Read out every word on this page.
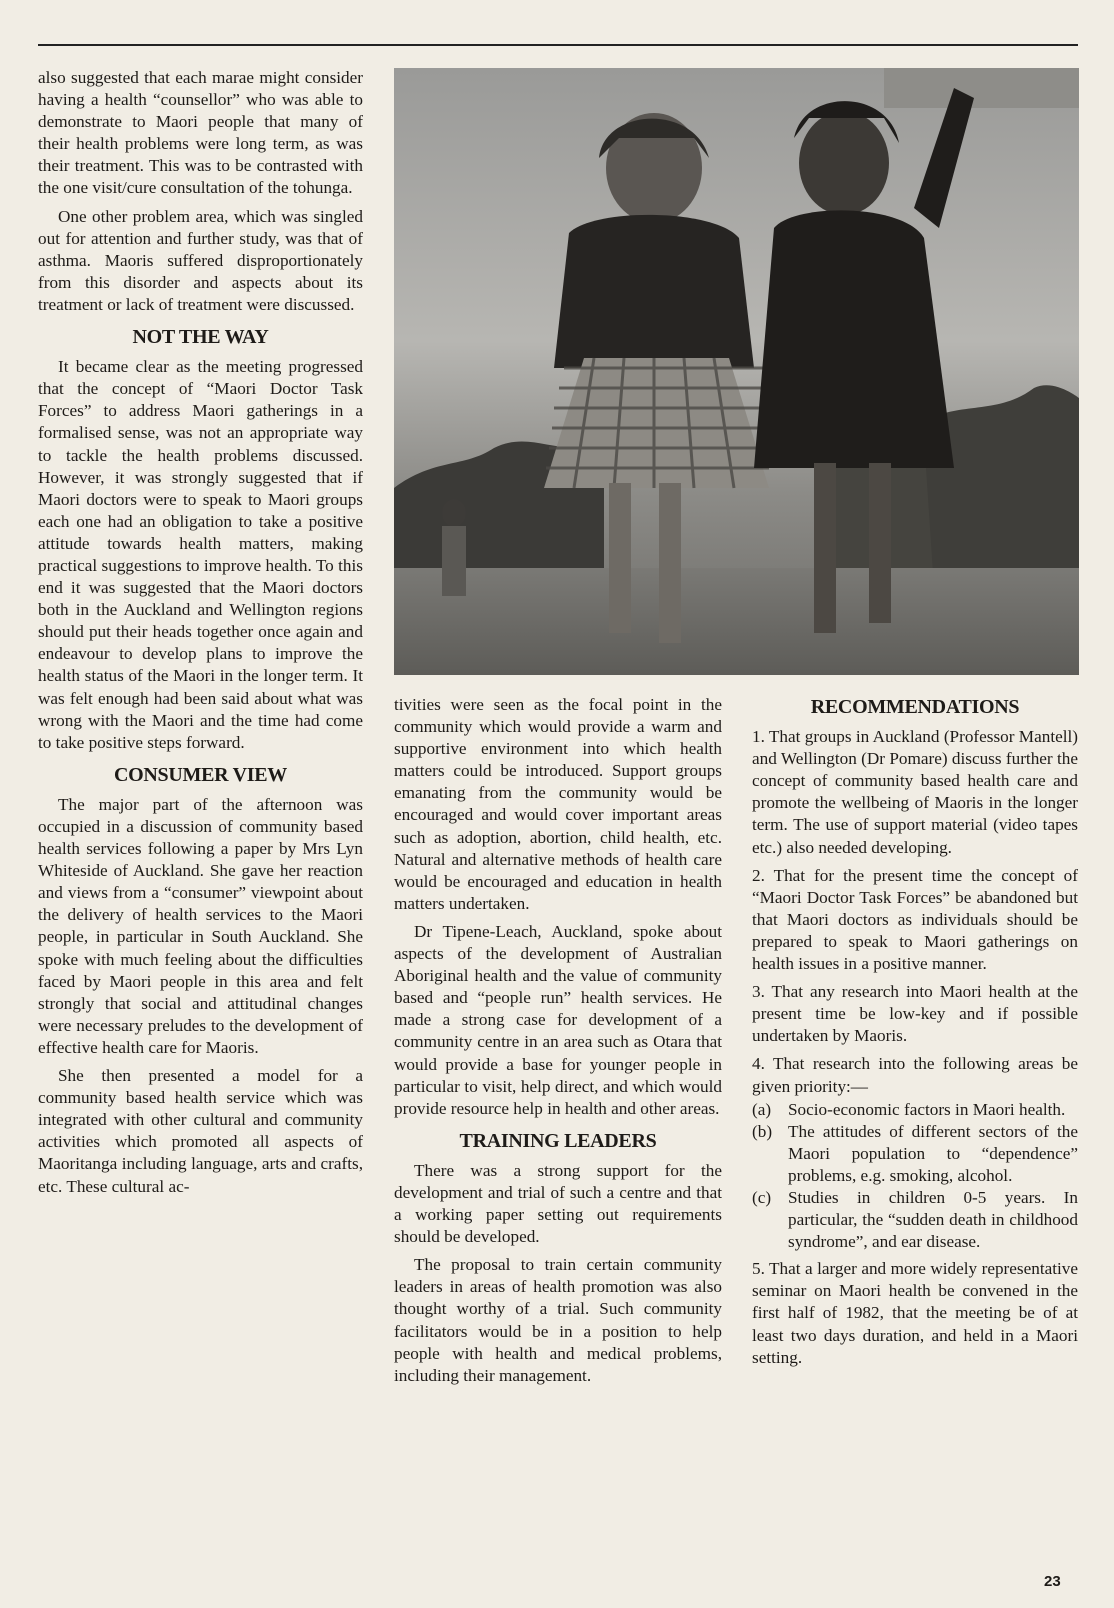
also suggested that each marae might consider having a health “counsellor” who was able to demonstrate to Maori people that many of their health problems were long term, as was their treatment. This was to be contrasted with the one visit/cure consultation of the tohunga.

One other problem area, which was singled out for attention and further study, was that of asthma. Maoris suffered disproportionately from this disorder and aspects about its treatment or lack of treatment were discussed.

NOT THE WAY

It became clear as the meeting progressed that the concept of “Maori Doctor Task Forces” to address Maori gatherings in a formalised sense, was not an appropriate way to tackle the health problems discussed. However, it was strongly suggested that if Maori doctors were to speak to Maori groups each one had an obligation to take a positive attitude towards health matters, making practical suggestions to improve health. To this end it was suggested that the Maori doctors both in the Auckland and Wellington regions should put their heads together once again and endeavour to develop plans to improve the health status of the Maori in the longer term. It was felt enough had been said about what was wrong with the Maori and the time had come to take positive steps forward.

CONSUMER VIEW

The major part of the afternoon was occupied in a discussion of community based health services following a paper by Mrs Lyn Whiteside of Auckland. She gave her reaction and views from a “consumer” viewpoint about the delivery of health services to the Maori people, in particular in South Auckland. She spoke with much feeling about the difficulties faced by Maori people in this area and felt strongly that social and attitudinal changes were necessary preludes to the development of effective health care for Maoris.

She then presented a model for a community based health service which was integrated with other cultural and community activities which promoted all aspects of Maoritanga including language, arts and crafts, etc. These cultural ac-

tivities were seen as the focal point in the community which would provide a warm and supportive environment into which health matters could be introduced. Support groups emanating from the community would be encouraged and would cover important areas such as adoption, abortion, child health, etc. Natural and alternative methods of health care would be encouraged and education in health matters undertaken.

Dr Tipene-Leach, Auckland, spoke about aspects of the development of Australian Aboriginal health and the value of community based and “people run” health services. He made a strong case for development of a community centre in an area such as Otara that would provide a base for younger people in particular to visit, help direct, and which would provide resource help in health and other areas.

TRAINING LEADERS

There was a strong support for the development and trial of such a centre and that a working paper setting out requirements should be developed.

The proposal to train certain community leaders in areas of health promotion was also thought worthy of a trial. Such community facilitators would be in a position to help people with health and medical problems, including their management.

RECOMMENDATIONS

1. That groups in Auckland (Professor Mantell) and Wellington (Dr Pomare) discuss further the concept of community based health care and promote the wellbeing of Maoris in the longer term. The use of support material (video tapes etc.) also needed developing.

2. That for the present time the concept of “Maori Doctor Task Forces” be abandoned but that Maori doctors as individuals should be prepared to speak to Maori gatherings on health issues in a positive manner.

3. That any research into Maori health at the present time be low-key and if possible undertaken by Maoris.

4. That research into the following areas be given priority:—

(a) Socio-economic factors in Maori health.
(b) The attitudes of different sectors of the Maori population to “dependence” problems, e.g. smoking, alcohol.
(c) Studies in children 0-5 years. In particular, the “sudden death in childhood syndrome”, and ear disease.

5. That a larger and more widely representative seminar on Maori health be convened in the first half of 1982, that the meeting be of at least two days duration, and held in a Maori setting.

23
